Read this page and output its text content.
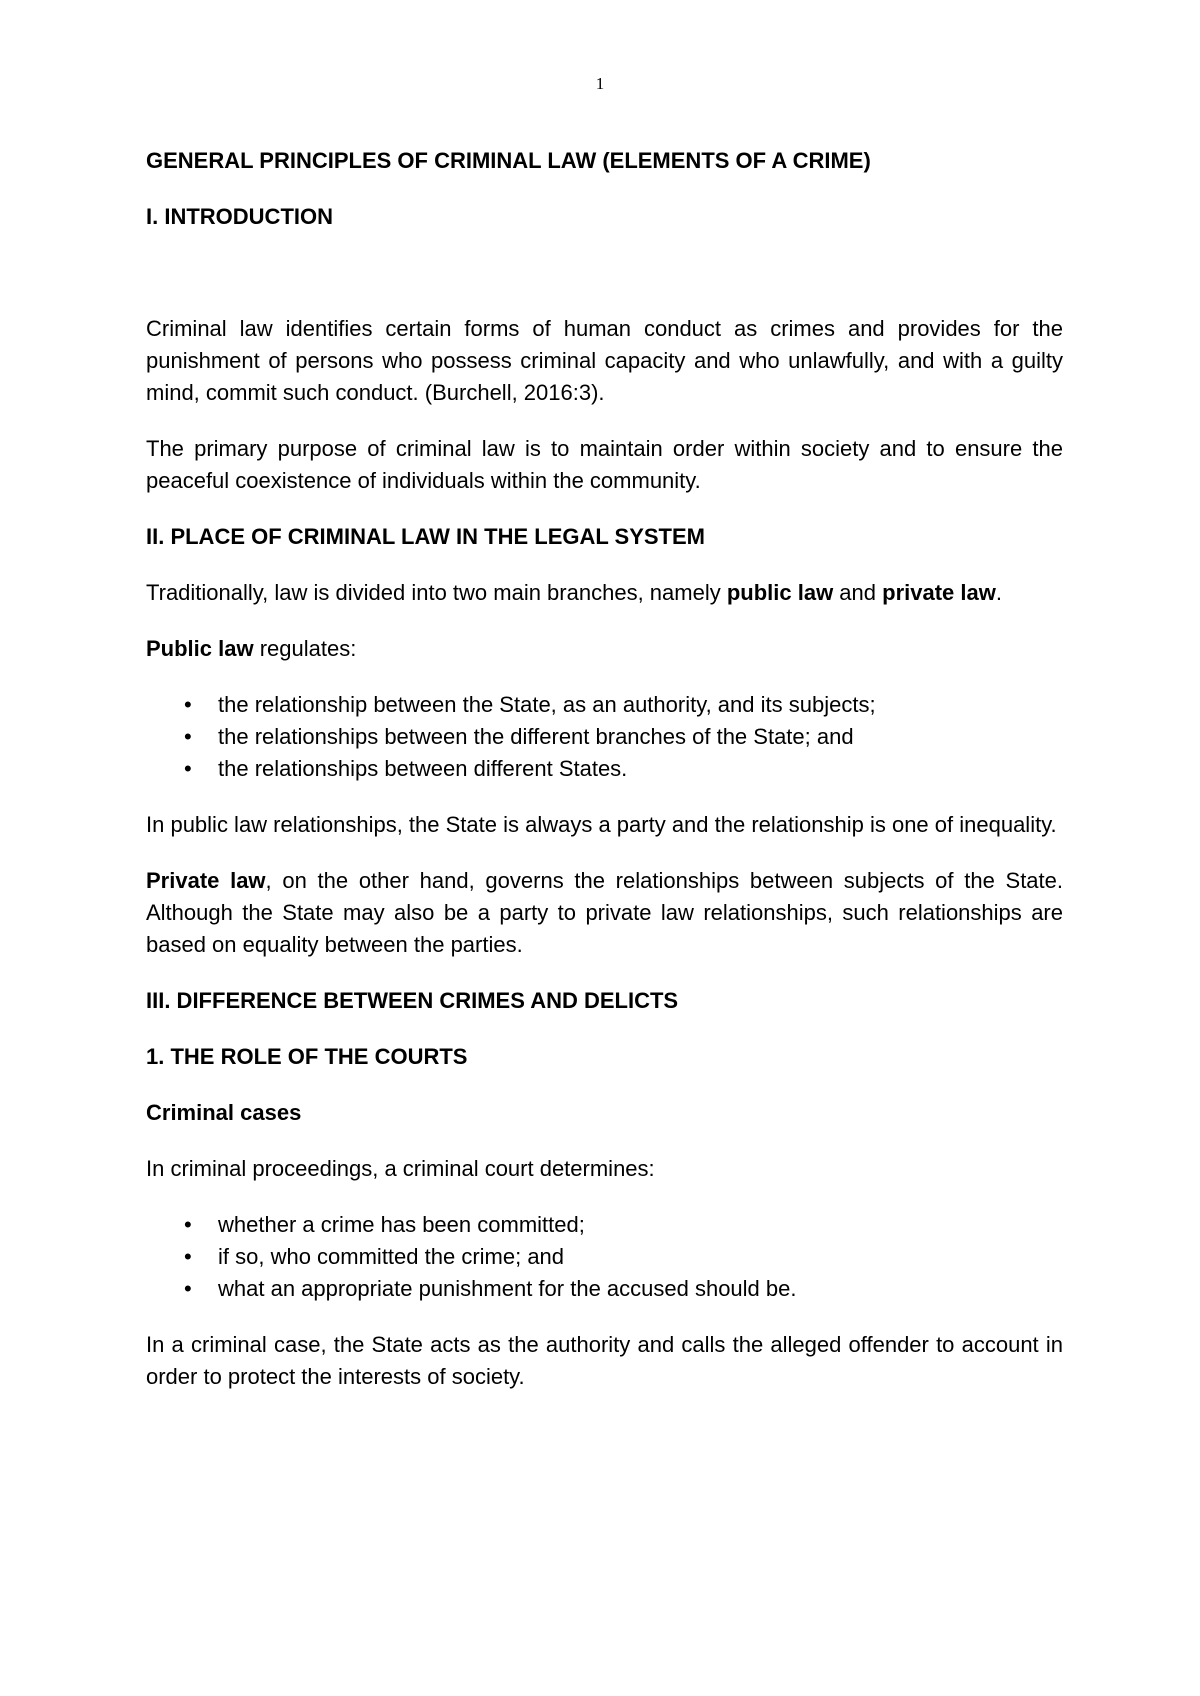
1

GENERAL PRINCIPLES OF CRIMINAL LAW (ELEMENTS OF A CRIME)

I. INTRODUCTION

Criminal law identifies certain forms of human conduct as crimes and provides for the punishment of persons who possess criminal capacity and who unlawfully, and with a guilty mind, commit such conduct. (Burchell, 2016:3).

The primary purpose of criminal law is to maintain order within society and to ensure the peaceful coexistence of individuals within the community.

II. PLACE OF CRIMINAL LAW IN THE LEGAL SYSTEM

Traditionally, law is divided into two main branches, namely public law and private law.

Public law regulates:

• the relationship between the State, as an authority, and its subjects;
• the relationships between the different branches of the State; and
• the relationships between different States.

In public law relationships, the State is always a party and the relationship is one of inequality.

Private law, on the other hand, governs the relationships between subjects of the State. Although the State may also be a party to private law relationships, such relationships are based on equality between the parties.

III. DIFFERENCE BETWEEN CRIMES AND DELICTS

1. THE ROLE OF THE COURTS

Criminal cases

In criminal proceedings, a criminal court determines:

• whether a crime has been committed;
• if so, who committed the crime; and
• what an appropriate punishment for the accused should be.

In a criminal case, the State acts as the authority and calls the alleged offender to account in order to protect the interests of society.
